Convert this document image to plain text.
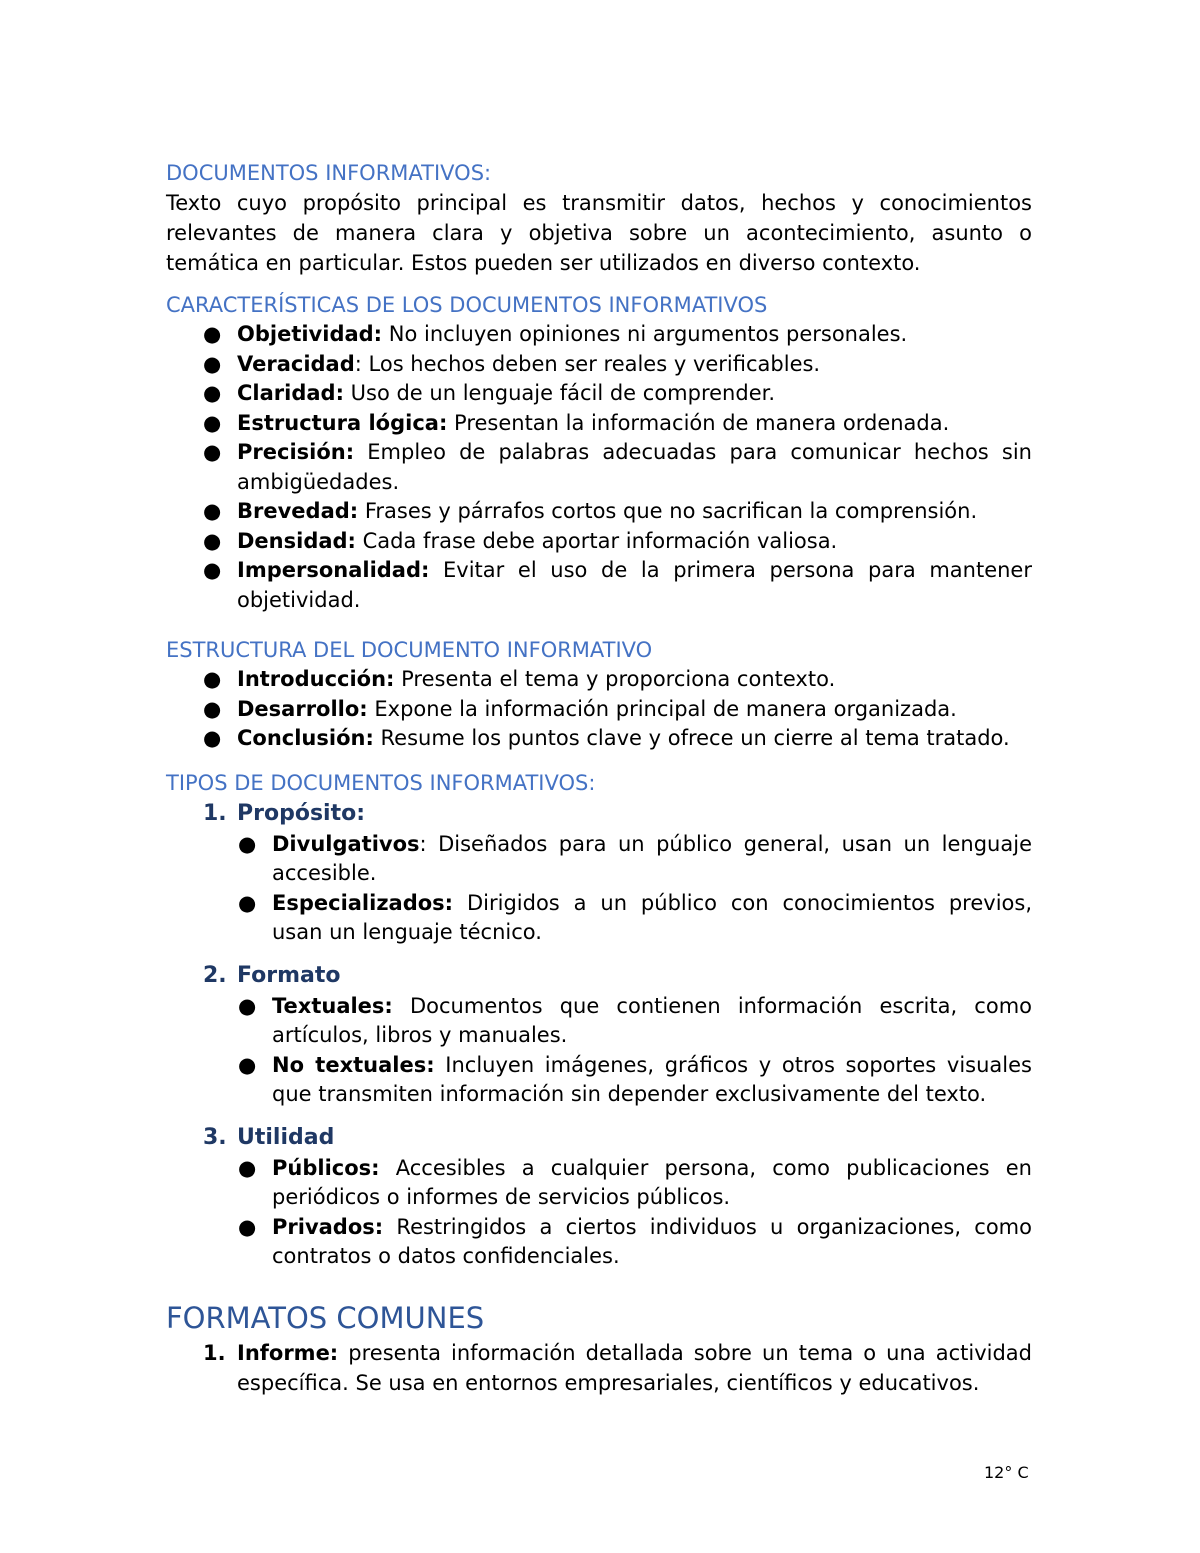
DOCUMENTOS INFORMATIVOS:

Texto cuyo propósito principal es transmitir datos, hechos y conocimientos relevantes de manera clara y objetiva sobre un acontecimiento, asunto o temática en particular. Estos pueden ser utilizados en diverso contexto.

CARACTERÍSTICAS DE LOS DOCUMENTOS INFORMATIVOS
● Objetividad: No incluyen opiniones ni argumentos personales.
● Veracidad: Los hechos deben ser reales y verificables.
● Claridad: Uso de un lenguaje fácil de comprender.
● Estructura lógica: Presentan la información de manera ordenada.
● Precisión: Empleo de palabras adecuadas para comunicar hechos sin ambigüedades.
● Brevedad: Frases y párrafos cortos que no sacrifican la comprensión.
● Densidad: Cada frase debe aportar información valiosa.
● Impersonalidad: Evitar el uso de la primera persona para mantener objetividad.
ESTRUCTURA DEL DOCUMENTO INFORMATIVO
● Introducción: Presenta el tema y proporciona contexto.
● Desarrollo: Expone la información principal de manera organizada.
● Conclusión: Resume los puntos clave y ofrece un cierre al tema tratado.
TIPOS DE DOCUMENTOS INFORMATIVOS:
1. Propósito:
● Divulgativos: Diseñados para un público general, usan un lenguaje accesible.
● Especializados: Dirigidos a un público con conocimientos previos, usan un lenguaje técnico.
2. Formato
● Textuales: Documentos que contienen información escrita, como artículos, libros y manuales.
● No textuales: Incluyen imágenes, gráficos y otros soportes visuales que transmiten información sin depender exclusivamente del texto.
3. Utilidad
● Públicos: Accesibles a cualquier persona, como publicaciones en periódicos o informes de servicios públicos.
● Privados: Restringidos a ciertos individuos u organizaciones, como contratos o datos confidenciales.
FORMATOS COMUNES
1. Informe: presenta información detallada sobre un tema o una actividad específica. Se usa en entornos empresariales, científicos y educativos.
12° C
